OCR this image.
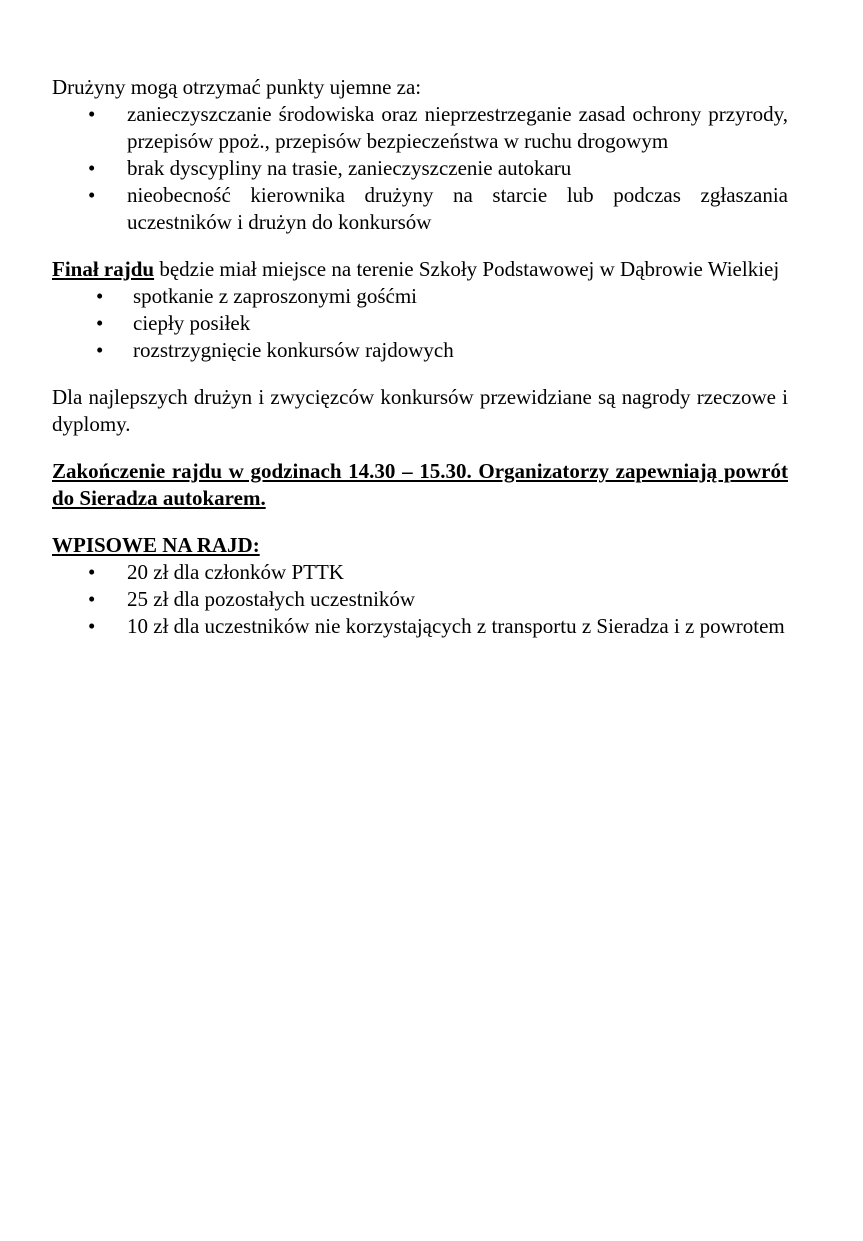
Drużyny mogą otrzymać punkty ujemne za:

• zanieczyszczanie środowiska oraz nieprzestrzeganie zasad ochrony przyrody, przepisów ppoż., przepisów bezpieczeństwa w ruchu drogowym
• brak dyscypliny na trasie, zanieczyszczenie autokaru
• nieobecność kierownika drużyny na starcie lub podczas zgłaszania uczestników i drużyn do konkursów

Finał rajdu będzie miał miejsce na terenie Szkoły Podstawowej w Dąbrowie Wielkiej

• spotkanie z zaproszonymi gośćmi
• ciepły posiłek
• rozstrzygnięcie konkursów rajdowych

Dla najlepszych drużyn i zwycięzców konkursów przewidziane są nagrody rzeczowe i dyplomy.

Zakończenie rajdu w godzinach 14.30 – 15.30. Organizatorzy zapewniają powrót do Sieradza autokarem.

WPISOWE NA RAJD:

• 20 zł dla członków PTTK
• 25 zł dla pozostałych uczestników
• 10 zł dla uczestników nie korzystających z transportu z Sieradza i z powrotem
